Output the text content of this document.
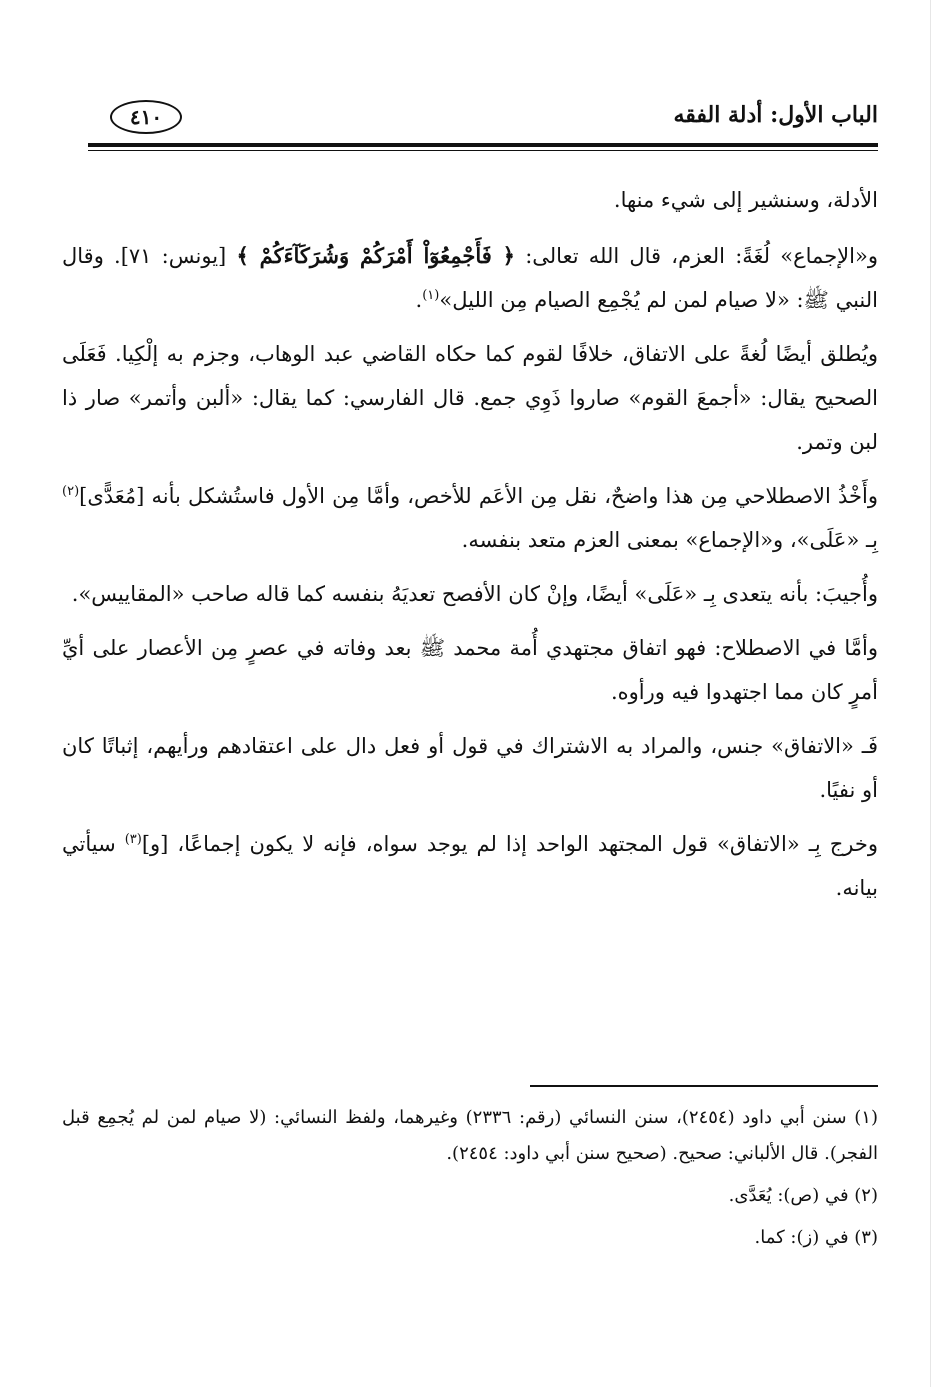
الباب الأول: أدلة الفقه
٤١٠

الأدلة، وسنشير إلى شيء منها.

و«الإجماع» لُغَةً: العزم، قال الله تعالى: ﴿ فَأَجْمِعُوٓاْ أَمْرَكُمْ وَشُرَكَآءَكُمْ ﴾ [يونس: ٧١]. وقال النبي ﷺ: «لا صيام لمن لم يُجْمِع الصيام مِن الليل»$^{(١)}$.

ويُطلق أيضًا لُغةً على الاتفاق، خلافًا لقوم كما حكاه القاضي عبد الوهاب، وجزم به إلْكِيا. فَعَلَى الصحيح يقال: «أجمعَ القوم» صاروا ذَوِي جمع. قال الفارسي: كما يقال: «ألبن وأتمر» صار ذا لبن وتمر.

وأَخْذُ الاصطلاحي مِن هذا واضحٌ، نقل مِن الأعَم للأخص، وأمَّا مِن الأول فاستُشكل بأنه [مُعَدًّى]$^{(٢)}$ بِـ «عَلَى»، و«الإجماع» بمعنى العزم متعد بنفسه.

وأُجيبَ: بأنه يتعدى بِـ «عَلَى» أيضًا، وإنْ كان الأفصح تعديَهُ بنفسه كما قاله صاحب «المقاييس».

وأمَّا في الاصطلاح: فهو اتفاق مجتهدي أُمة محمد ﷺ بعد وفاته في عصرٍ مِن الأعصار على أيِّ أمرٍ كان مما اجتهدوا فيه ورأوه.

فَـ «الاتفاق» جنس، والمراد به الاشتراك في قول أو فعل دال على اعتقادهم ورأيهم، إثباتًا كان أو نفيًا.

وخرج بِـ «الاتفاق» قول المجتهد الواحد إذا لم يوجد سواه، فإنه لا يكون إجماعًا، [و]$^{(٣)}$ سيأتي بيانه.

(١) سنن أبي داود (٢٤٥٤)، سنن النسائي (رقم: ٢٣٣٦) وغيرهما، ولفظ النسائي: (لا صيام لمن لم يُجمِع قبل الفجر). قال الألباني: صحيح. (صحيح سنن أبي داود: ٢٤٥٤).

(٢) في (ص): يُعَدَّى.

(٣) في (ز): كما.
